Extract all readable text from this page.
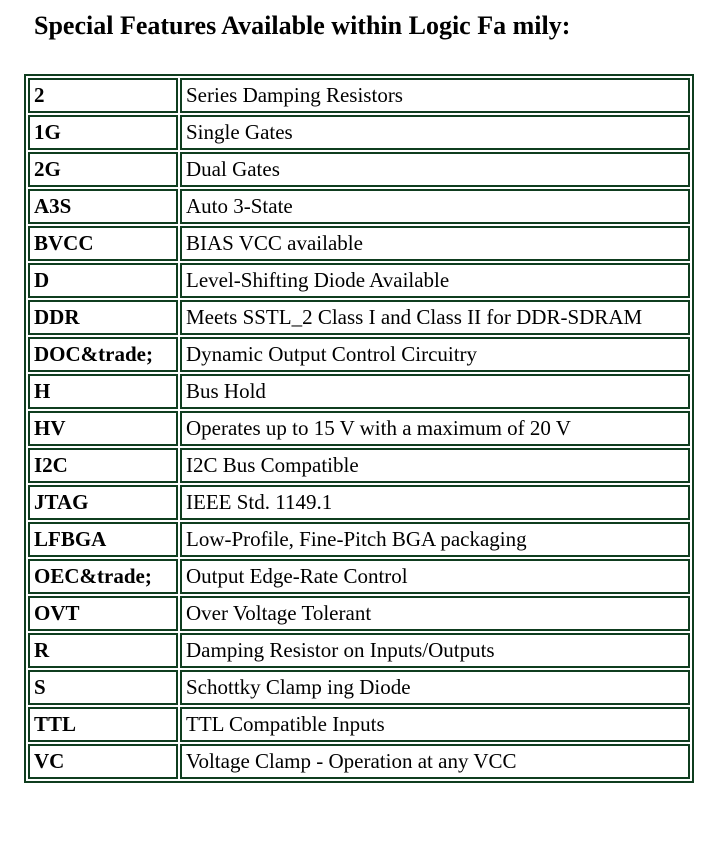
Special Features Available within Logic Fa mily:
2	Series Damping Resistors
1G	Single Gates
2G	Dual Gates
A3S	Auto 3-State
BVCC	BIAS VCC available
D	Level-Shifting Diode Available
DDR	Meets SSTL_2 Class I and Class II for DDR-SDRAM
DOC&trade;	Dynamic Output Control Circuitry
H	Bus Hold
HV	Operates up to 15 V with a maximum of 20 V
I2C	I2C Bus Compatible
JTAG	IEEE Std. 1149.1
LFBGA	Low-Profile, Fine-Pitch BGA packaging
OEC&trade;	Output Edge-Rate Control
OVT	Over Voltage Tolerant
R	Damping Resistor on Inputs/Outputs
S	Schottky Clamp ing Diode
TTL	TTL Compatible Inputs
VC	Voltage Clamp - Operation at any VCC
